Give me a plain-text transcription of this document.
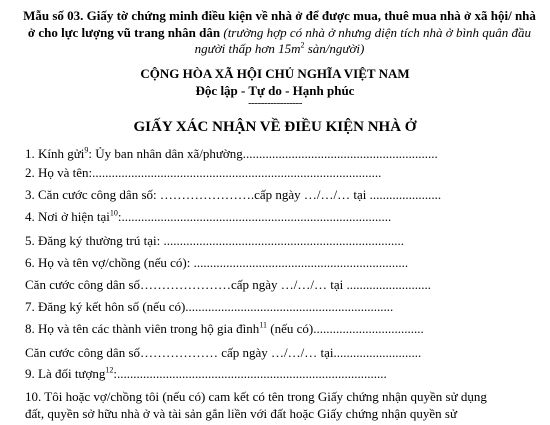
Mẫu số 03. Giấy tờ chứng minh điều kiện về nhà ở để được mua, thuê mua nhà ở xã hội/ nhà ở cho lực lượng vũ trang nhân dân (trường hợp có nhà ở nhưng diện tích nhà ở bình quân đầu người thấp hơn $15m^2$ sàn/người)
CỘNG HÒA XÃ HỘI CHỦ NGHĨA VIỆT NAM
Độc lập - Tự do - Hạnh phúc
-----------------
GIẤY XÁC NHẬN VỀ ĐIỀU KIỆN NHÀ Ở
1. Kính gửi$^9$: Ủy ban nhân dân xã/phường............................................................
2. Họ và tên:.........................................................................................
3. Căn cước công dân số: ………………….cấp ngày …/…/… tại ......................
4. Nơi ở hiện tại$^{10}$:...................................................................................
5. Đăng ký thường trú tại: ..........................................................................
6. Họ và tên vợ/chồng (nếu có): ..................................................................
Căn cước công dân số…………………cấp ngày …/…/… tại ..........................
7. Đăng ký kết hôn số (nếu có)................................................................
8. Họ và tên các thành viên trong hộ gia đình$^{11}$ (nếu có)..................................
Căn cước công dân số……………… cấp ngày …/…/… tại...........................
9. Là đối tượng$^{12}$:...................................................................................
10. Tôi hoặc vợ/chồng tôi (nếu có) cam kết có tên trong Giấy chứng nhận quyền sử dụng
đất, quyền sở hữu nhà ở và tài sản gắn liền với đất hoặc Giấy chứng nhận quyền sử
